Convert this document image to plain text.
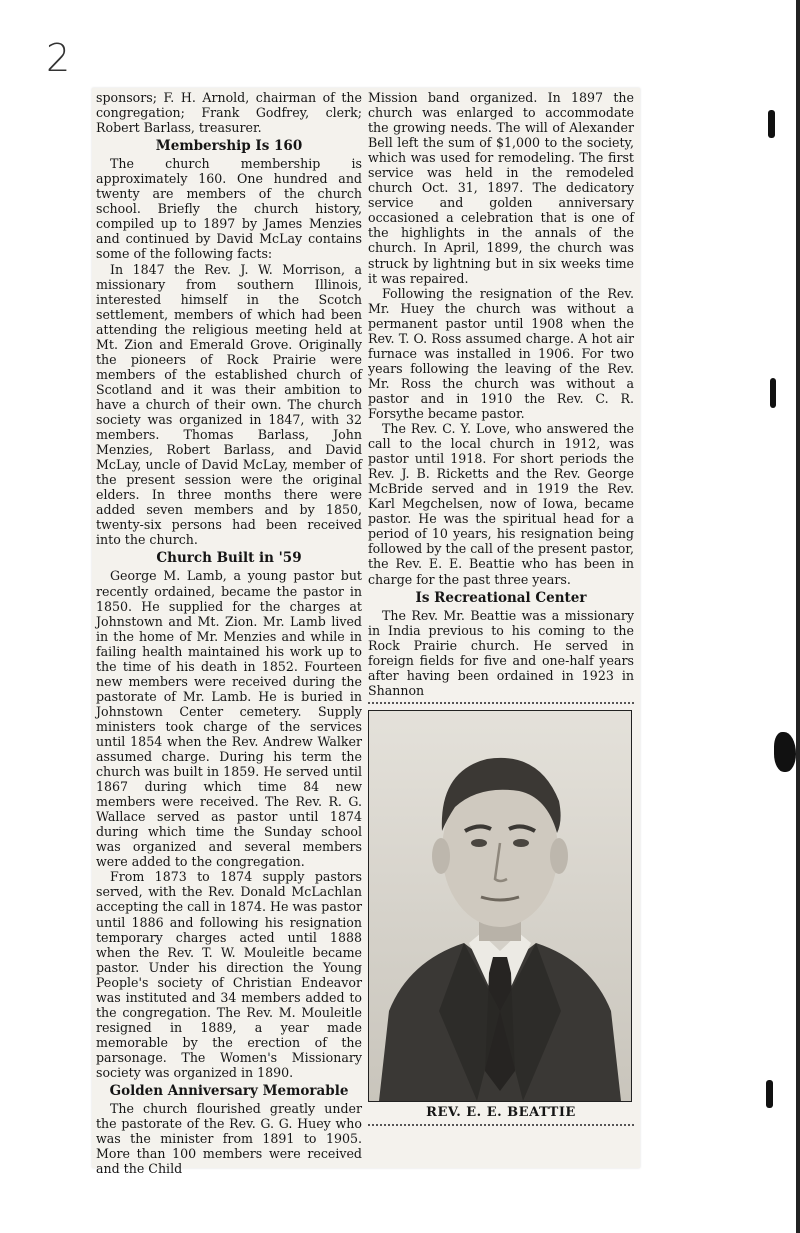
2

sponsors; F. H. Arnold, chairman of the congregation; Frank Godfrey, clerk; Robert Barlass, treasurer.

Membership Is 160

The church membership is approximately 160. One hundred and twenty are members of the church school. Briefly the church history, compiled up to 1897 by James Menzies and continued by David McLay contains some of the following facts:

In 1847 the Rev. J. W. Morrison, a missionary from southern Illinois, interested himself in the Scotch settlement, members of which had been attending the religious meeting held at Mt. Zion and Emerald Grove. Originally the pioneers of Rock Prairie were members of the established church of Scotland and it was their ambition to have a church of their own. The church society was organized in 1847, with 32 members. Thomas Barlass, John Menzies, Robert Barlass, and David McLay, uncle of David McLay, member of the present session were the original elders. In three months there were added seven members and by 1850, twenty-six persons had been received into the church.

Church Built in '59

George M. Lamb, a young pastor but recently ordained, became the pastor in 1850. He supplied for the charges at Johnstown and Mt. Zion. Mr. Lamb lived in the home of Mr. Menzies and while in failing health maintained his work up to the time of his death in 1852. Fourteen new members were received during the pastorate of Mr. Lamb. He is buried in Johnstown Center cemetery. Supply ministers took charge of the services until 1854 when the Rev. Andrew Walker assumed charge. During his term the church was built in 1859. He served until 1867 during which time 84 new members were received. The Rev. R. G. Wallace served as pastor until 1874 during which time the Sunday school was organized and several members were added to the congregation.

From 1873 to 1874 supply pastors served, with the Rev. Donald McLachlan accepting the call in 1874. He was pastor until 1886 and following his resignation temporary charges acted until 1888 when the Rev. T. W. Mouleitle became pastor. Under his direction the Young People's society of Christian Endeavor was instituted and 34 members added to the congregation. The Rev. M. Mouleitle resigned in 1889, a year made memorable by the erection of the parsonage. The Women's Missionary society was organized in 1890.

Golden Anniversary Memorable

The church flourished greatly under the pastorate of the Rev. G. G. Huey who was the minister from 1891 to 1905. More than 100 members were received and the Child

Mission band organized. In 1897 the church was enlarged to accommodate the growing needs. The will of Alexander Bell left the sum of $1,000 to the society, which was used for remodeling. The first service was held in the remodeled church Oct. 31, 1897. The dedicatory service and golden anniversary occasioned a celebration that is one of the highlights in the annals of the church. In April, 1899, the church was struck by lightning but in six weeks time it was repaired.

Following the resignation of the Rev. Mr. Huey the church was without a permanent pastor until 1908 when the Rev. T. O. Ross assumed charge. A hot air furnace was installed in 1906. For two years following the leaving of the Rev. Mr. Ross the church was without a pastor and in 1910 the Rev. C. R. Forsythe became pastor.

The Rev. C. Y. Love, who answered the call to the local church in 1912, was pastor until 1918. For short periods the Rev. J. B. Ricketts and the Rev. George McBride served and in 1919 the Rev. Karl Megchelsen, now of Iowa, became pastor. He was the spiritual head for a period of 10 years, his resignation being followed by the call of the present pastor, the Rev. E. E. Beattie who has been in charge for the past three years.

Is Recreational Center

The Rev. Mr. Beattie was a missionary in India previous to his coming to the Rock Prairie church. He served in foreign fields for five and one-half years after having been ordained in 1923 in Shannon

REV. E. E. BEATTIE
